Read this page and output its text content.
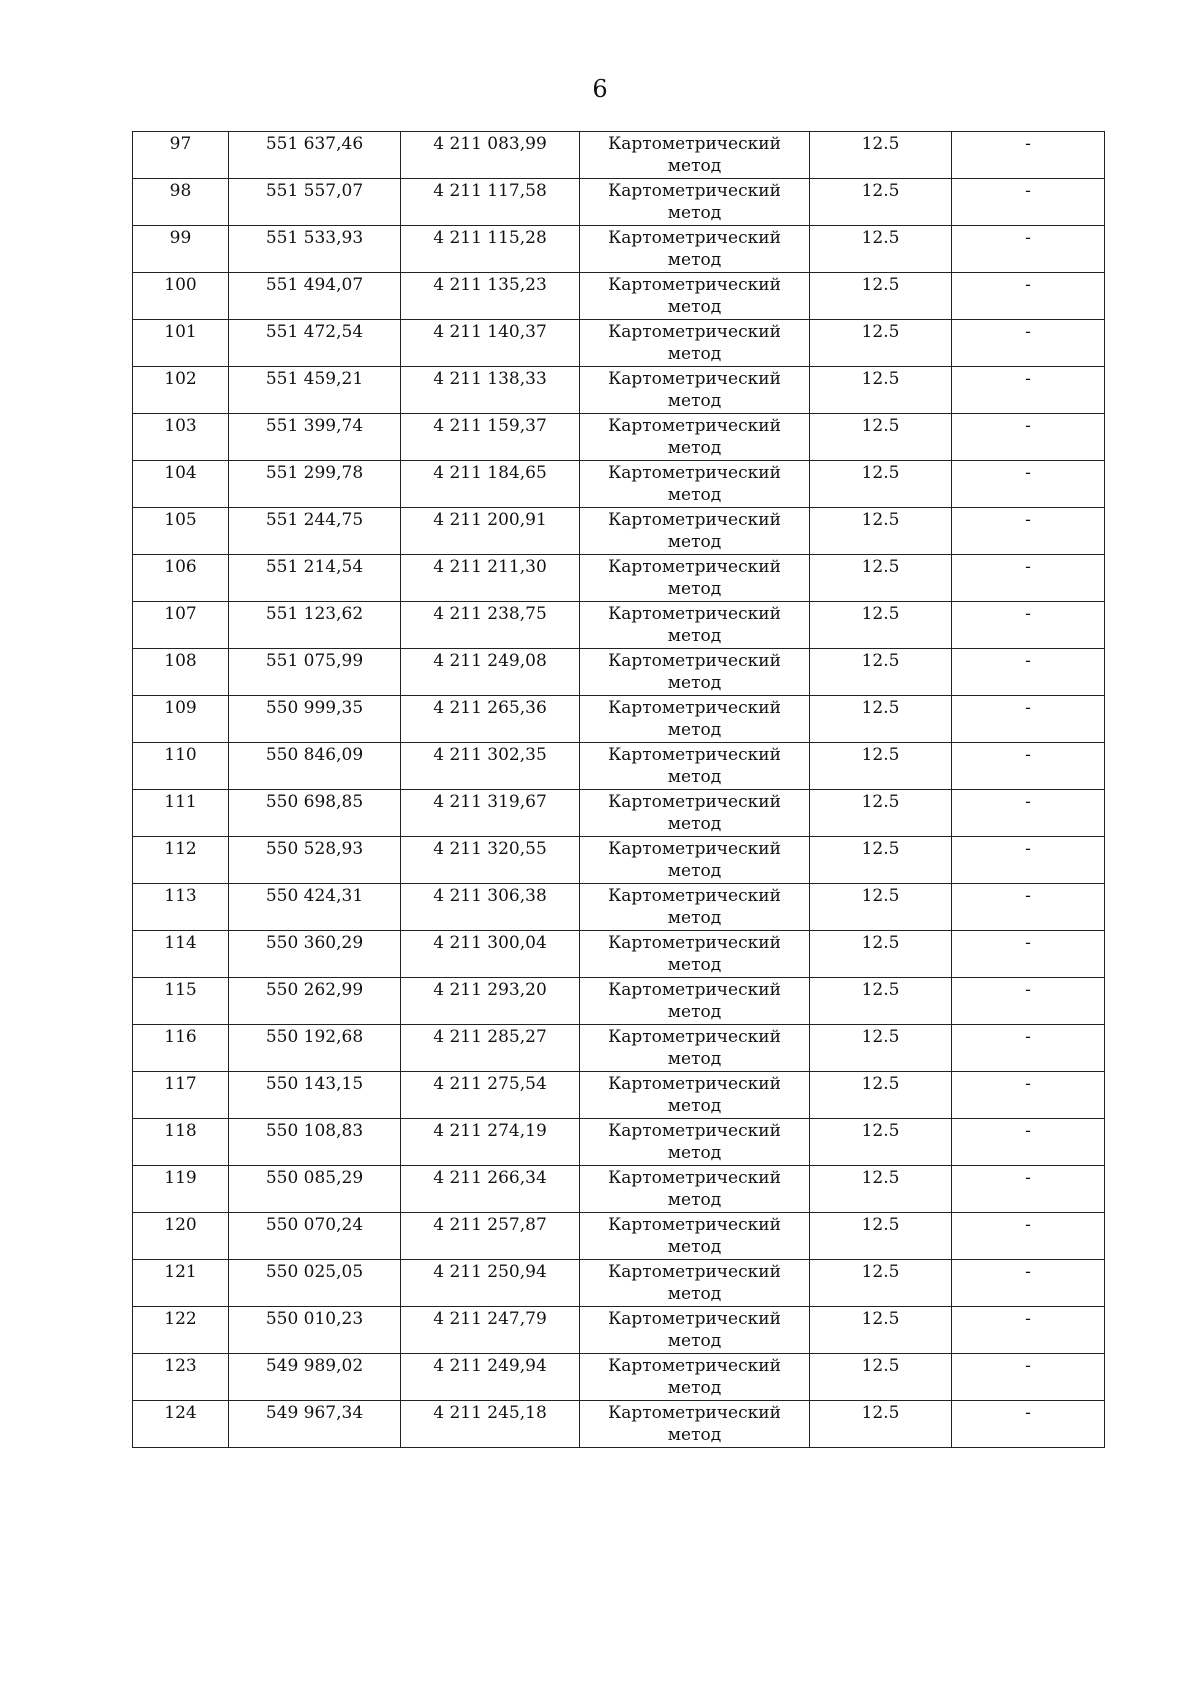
6
97	551 637,46	4 211 083,99	Картометрический метод	12.5	-

98	551 557,07	4 211 117,58	Картометрический метод	12.5	-

99	551 533,93	4 211 115,28	Картометрический метод	12.5	-

100	551 494,07	4 211 135,23	Картометрический метод	12.5	-

101	551 472,54	4 211 140,37	Картометрический метод	12.5	-

102	551 459,21	4 211 138,33	Картометрический метод	12.5	-

103	551 399,74	4 211 159,37	Картометрический метод	12.5	-

104	551 299,78	4 211 184,65	Картометрический метод	12.5	-

105	551 244,75	4 211 200,91	Картометрический метод	12.5	-

106	551 214,54	4 211 211,30	Картометрический метод	12.5	-

107	551 123,62	4 211 238,75	Картометрический метод	12.5	-

108	551 075,99	4 211 249,08	Картометрический метод	12.5	-

109	550 999,35	4 211 265,36	Картометрический метод	12.5	-

110	550 846,09	4 211 302,35	Картометрический метод	12.5	-

111	550 698,85	4 211 319,67	Картометрический метод	12.5	-

112	550 528,93	4 211 320,55	Картометрический метод	12.5	-

113	550 424,31	4 211 306,38	Картометрический метод	12.5	-

114	550 360,29	4 211 300,04	Картометрический метод	12.5	-

115	550 262,99	4 211 293,20	Картометрический метод	12.5	-

116	550 192,68	4 211 285,27	Картометрический метод	12.5	-

117	550 143,15	4 211 275,54	Картометрический метод	12.5	-

118	550 108,83	4 211 274,19	Картометрический метод	12.5	-

119	550 085,29	4 211 266,34	Картометрический метод	12.5	-

120	550 070,24	4 211 257,87	Картометрический метод	12.5	-

121	550 025,05	4 211 250,94	Картометрический метод	12.5	-

122	550 010,23	4 211 247,79	Картометрический метод	12.5	-

123	549 989,02	4 211 249,94	Картометрический метод	12.5	-

124	549 967,34	4 211 245,18	Картометрический метод	12.5	-
